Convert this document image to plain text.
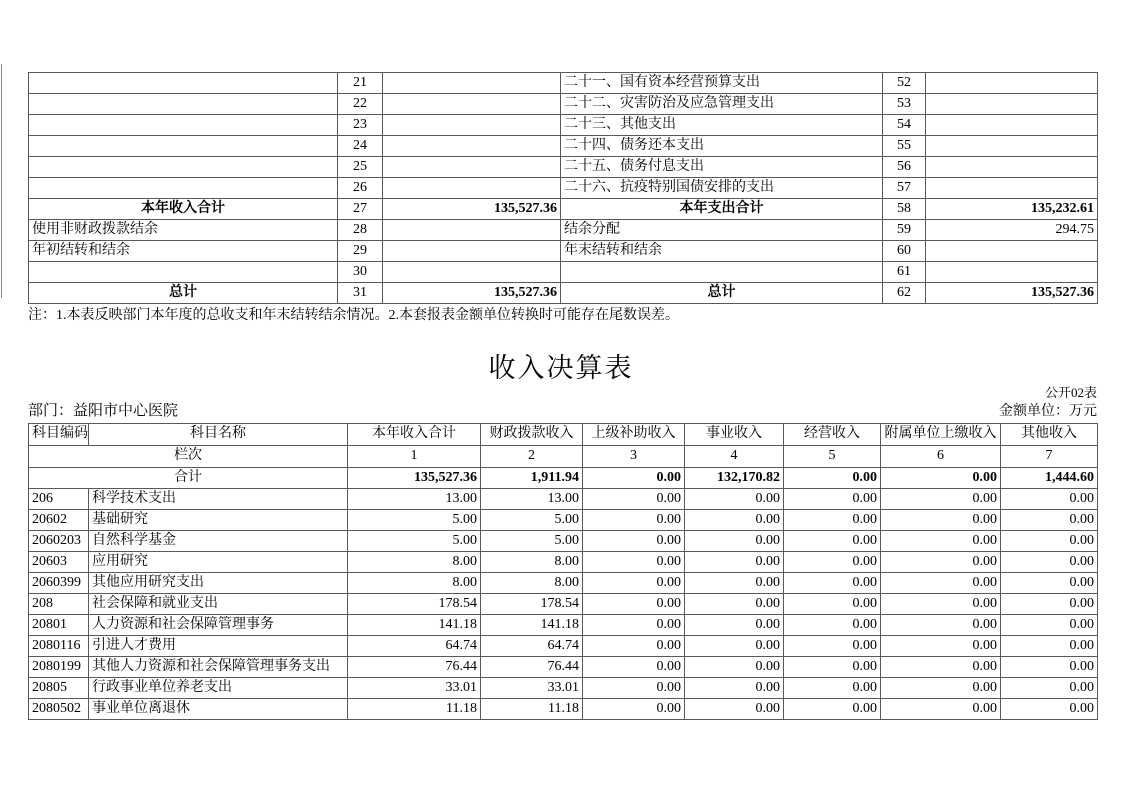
	21		二十一、国有资本经营预算支出	52	
	22		二十二、灾害防治及应急管理支出	53	
	23		二十三、其他支出	54	
	24		二十四、债务还本支出	55	
	25		二十五、债务付息支出	56	
	26		二十六、抗疫特别国债安排的支出	57	
本年收入合计	27	135,527.36	本年支出合计	58	135,232.61
使用非财政拨款结余	28		结余分配	59	294.75
年初结转和结余	29		年末结转和结余	60	
	30			61	
总计	31	135,527.36	总计	62	135,527.36
注：1.本表反映部门本年度的总收支和年末结转结余情况。2.本套报表金额单位转换时可能存在尾数误差。
收入决算表
公开02表
部门：益阳市中心医院	金额单位：万元
科目编码	科目名称	本年收入合计	财政拨款收入	上级补助收入	事业收入	经营收入	附属单位上缴收入	其他收入
栏次		1	2	3	4	5	6	7
合计		135,527.36	1,911.94	0.00	132,170.82	0.00	0.00	1,444.60
206	科学技术支出	13.00	13.00	0.00	0.00	0.00	0.00	0.00
20602	基础研究	5.00	5.00	0.00	0.00	0.00	0.00	0.00
2060203	自然科学基金	5.00	5.00	0.00	0.00	0.00	0.00	0.00
20603	应用研究	8.00	8.00	0.00	0.00	0.00	0.00	0.00
2060399	其他应用研究支出	8.00	8.00	0.00	0.00	0.00	0.00	0.00
208	社会保障和就业支出	178.54	178.54	0.00	0.00	0.00	0.00	0.00
20801	人力资源和社会保障管理事务	141.18	141.18	0.00	0.00	0.00	0.00	0.00
2080116	引进人才费用	64.74	64.74	0.00	0.00	0.00	0.00	0.00
2080199	其他人力资源和社会保障管理事务支出	76.44	76.44	0.00	0.00	0.00	0.00	0.00
20805	行政事业单位养老支出	33.01	33.01	0.00	0.00	0.00	0.00	0.00
2080502	事业单位离退休	11.18	11.18	0.00	0.00	0.00	0.00	0.00
